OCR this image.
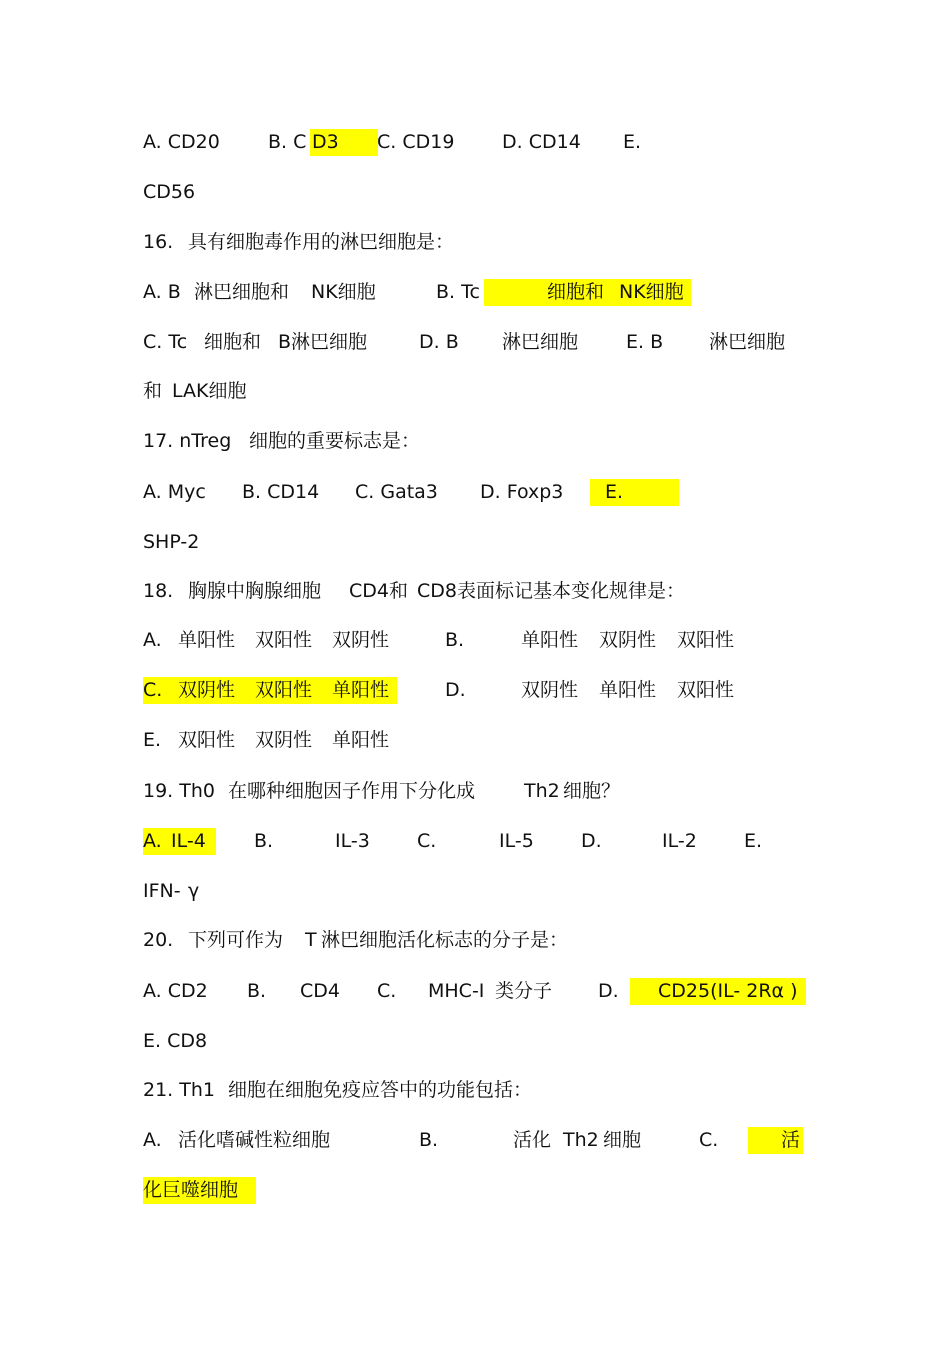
A. CD20	B. C D3 C. CD19	D. CD14 E.
CD56
16. 具有细胞毒作用的淋巴细胞是：
A. B 淋巴细胞和 NK细胞	B. Tc	细胞和 NK细胞
C. Tc 细胞和 B淋巴细胞	D. B 淋巴细胞	E. B 淋巴细胞
和 LAK细胞
17. nTreg 细胞的重要标志是：
A. Myc B. CD14 C. Gata3 D. Foxp3 E.
SHP-2
18. 胸腺中胸腺细胞 CD4和 CD8表面标记基本变化规律是：
A. 单阳性 双阳性 双阴性	B.	单阳性 双阴性 双阳性
C. 双阴性 双阳性 单阳性	D.	双阴性 单阳性 双阳性
E. 双阳性 双阴性 单阳性
19. Th0 在哪种细胞因子作用下分化成	Th2 细胞？
A. IL-4	B.	IL-3 C.	IL-5 D.	IL-2 E.
IFN- γ
20. 下列可作为 T 淋巴细胞活化标志的分子是：
A. CD2 B. CD4 C. MHC-Ⅰ 类分子 D. CD25(IL- 2Rα )
E. CD8
21. Th1 细胞在细胞免疫应答中的功能包括：
A. 活化嗜碱性粒细胞	B.	活化 Th2 细胞	C.	活
化巨噬细胞
